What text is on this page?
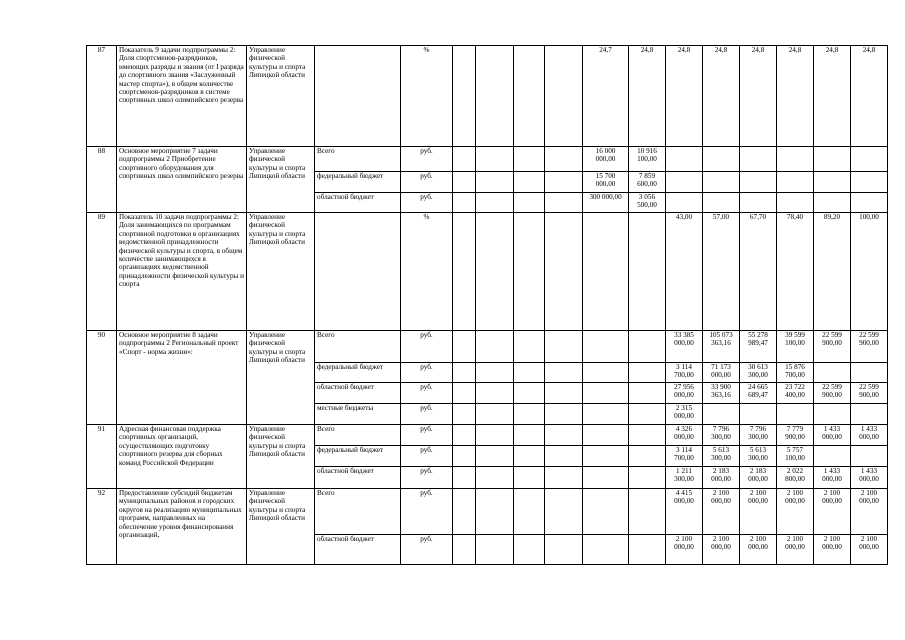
87	Показатель 9 задачи подпрограммы 2: Доля спортсменов-разрядников, имеющих разряды и звания (от I разряда до спортивного звания «Заслуженный мастер спорта»), в общем количестве спортсменов-разрядников в системе спортивных школ олимпийского резерва	Управление физической культуры и спорта Липецкой области		%					24,7	24,8	24,8	24,8	24,8	24,8	24,8	24,8
88	Основное мероприятие 7 задачи подпрограммы 2 Приобретение спортивного оборудования для спортивных школ олимпийского резерва	Управление физической культуры и спорта Липецкой области	Всего	руб.					16 000 000,00	10 916 100,00						
			федеральный бюджет	руб.					15 700 000,00	7 859 600,00						
			областной бюджет	руб.					300 000,00	3 056 500,00						
89	Показатель 10 задачи подпрограммы 2: Доля занимающихся по программам спортивной подготовки в организациях ведомственной принадлежности физической культуры и спорта, в общем количестве занимающихся в организациях ведомственной принадлежности физической культуры и спорта	Управление физической культуры и спорта Липецкой области		%							43,00	57,00	67,70	78,40	89,20	100,00
90	Основное мероприятие 8 задачи подпрограммы 2 Региональный проект «Спорт - норма жизни»:	Управление физической культуры и спорта Липецкой области	Всего	руб.							33 385 000,00	105 073 363,16	55 278 989,47	39 599 100,00	22 599 900,00	22 599 900,00
			федеральный бюджет	руб.							3 114 700,00	71 173 000,00	30 613 300,00	15 876 700,00		
			областной бюджет	руб.							27 956 000,00	33 900 363,16	24 665 689,47	23 722 400,00	22 599 900,00	22 599 900,00
			местные бюджеты	руб.							2 315 000,00					
91	Адресная финансовая поддержка спортивных организаций, осуществляющих подготовку спортивного резерва для сборных команд Российской Федерации	Управление физической культуры и спорта Липецкой области	Всего	руб.							4 326 000,00	7 796 300,00	7 796 300,00	7 779 900,00	1 433 000,00	1 433 000,00
			федеральный бюджет	руб.							3 114 700,00	5 613 300,00	5 613 300,00	5 757 100,00		
			областной бюджет	руб.							1 211 300,00	2 183 000,00	2 183 000,00	2 022 800,00	1 433 000,00	1 433 000,00
92	Предоставление субсидий бюджетам муниципальных районов и городских округов на реализацию муниципальных программ, направленных на обеспечение уровня финансирования организаций,	Управление физической культуры и спорта Липецкой области	Всего	руб.							4 415 000,00	2 100 000,00	2 100 000,00	2 100 000,00	2 100 000,00	2 100 000,00
			областной бюджет	руб.							2 100 000,00	2 100 000,00	2 100 000,00	2 100 000,00	2 100 000,00	2 100 000,00
